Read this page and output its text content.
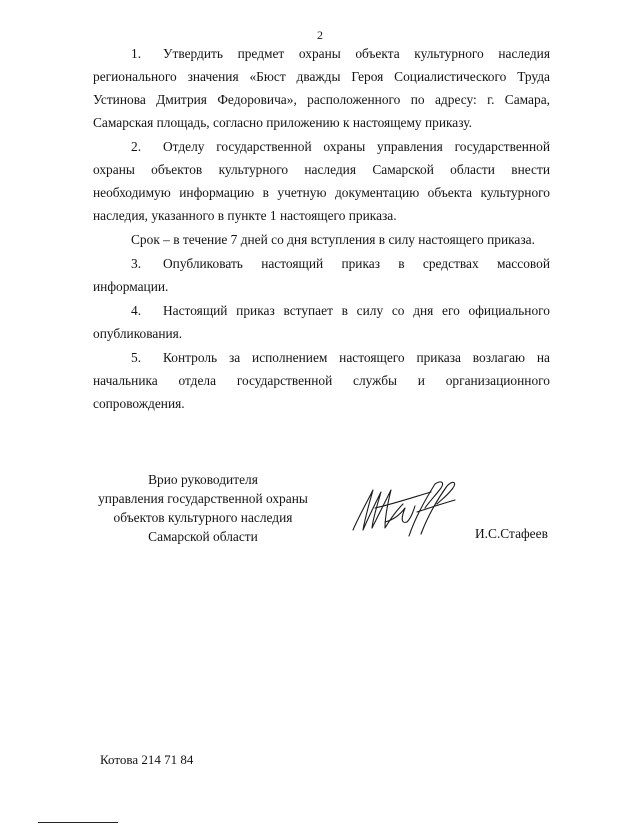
2

1. Утвердить предмет охраны объекта культурного наследия регионального значения «Бюст дважды Героя Социалистического Труда Устинова Дмитрия Федоровича», расположенного по адресу: г. Самара, Самарская площадь, согласно приложению к настоящему приказу.

2. Отделу государственной охраны управления государственной охраны объектов культурного наследия Самарской области внести необходимую информацию в учетную документацию объекта культурного наследия, указанного в пункте 1 настоящего приказа.

Срок – в течение 7 дней со дня вступления в силу настоящего приказа.

3. Опубликовать настоящий приказ в средствах массовой информации.

4. Настоящий приказ вступает в силу со дня его официального опубликования.

5. Контроль за исполнением настоящего приказа возлагаю на начальника отдела государственной службы и организационного сопровождения.

Врио руководителя
управления государственной охраны
объектов культурного наследия
Самарской области	И.С.Стафеев
Котова 214 71 84
